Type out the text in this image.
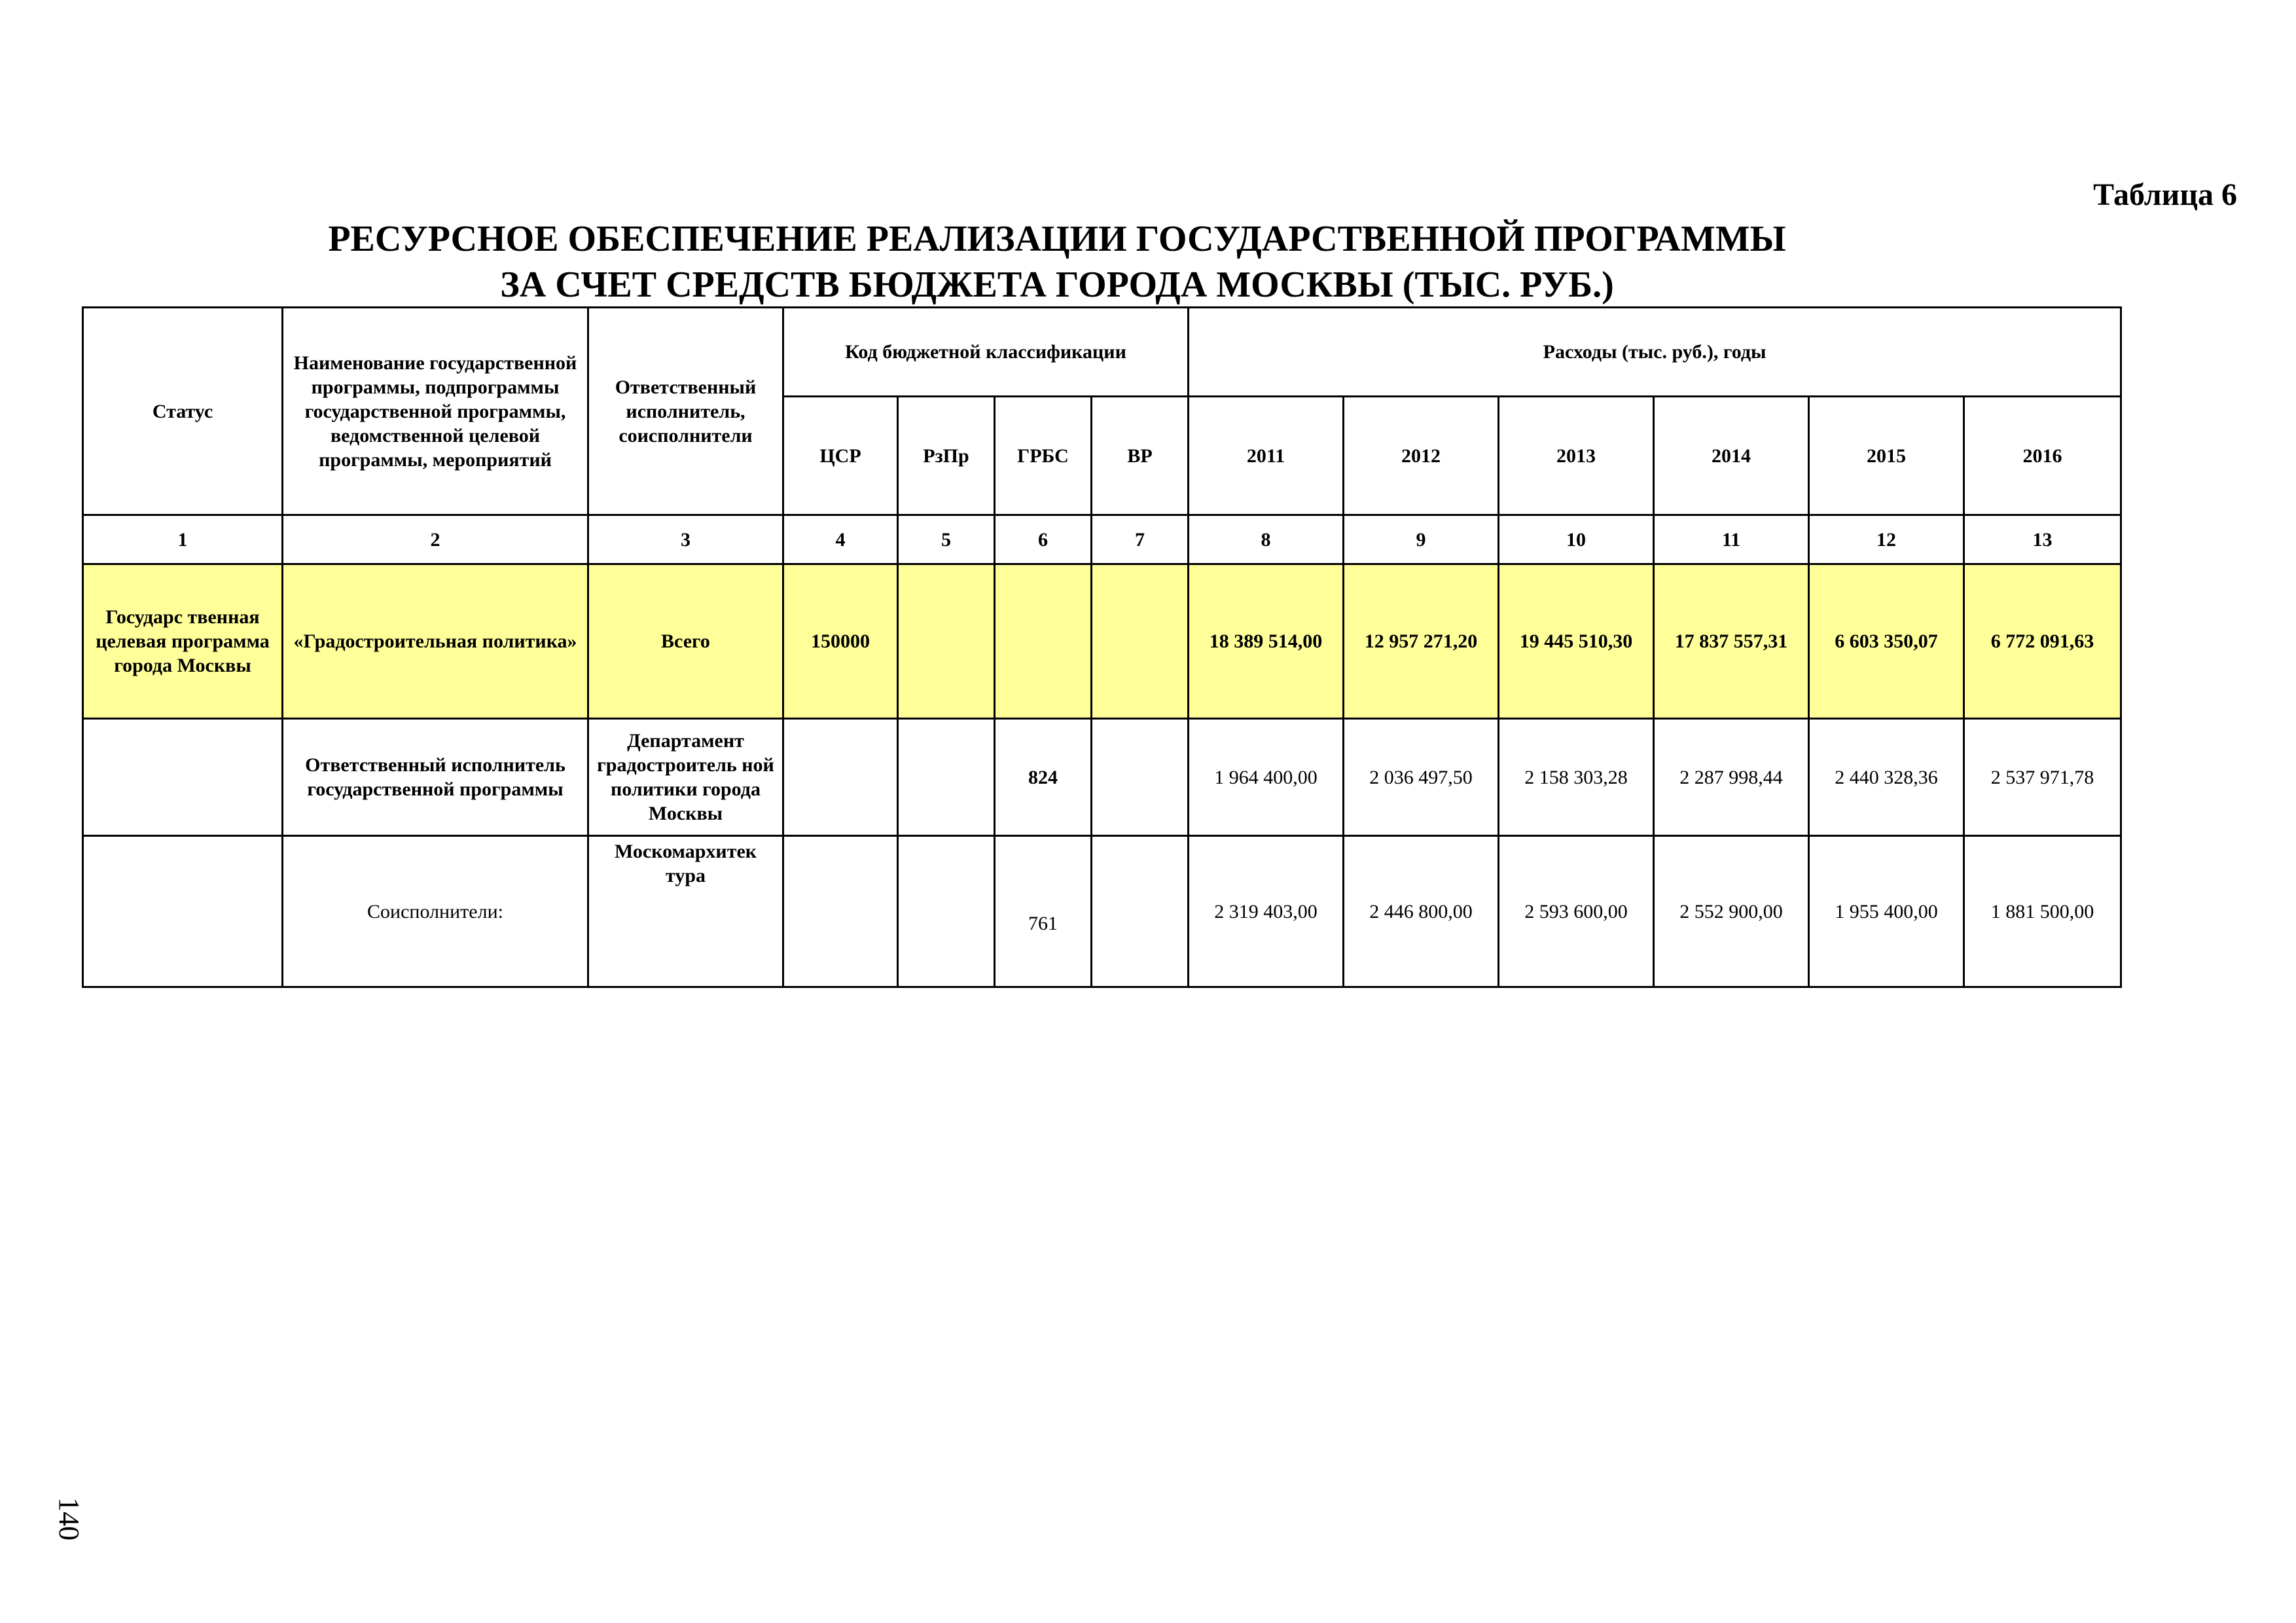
Таблица 6
РЕСУРСНОЕ ОБЕСПЕЧЕНИЕ РЕАЛИЗАЦИИ ГОСУДАРСТВЕННОЙ ПРОГРАММЫ
ЗА СЧЕТ СРЕДСТВ БЮДЖЕТА ГОРОДА МОСКВЫ (ТЫС. РУБ.)
Статус	Наименование государственной программы, подпрограммы государственной программы, ведомственной целевой программы, мероприятий	Ответственный исполнитель, соисполнители	Код бюджетной классификации				Расходы (тыс. руб.), годы					
			ЦСР	РзПр	ГРБС	ВР	2011	2012	2013	2014	2015	2016
1	2	3	4	5	6	7	8	9	10	11	12	13
Государс твенная целевая программа города Москвы	«Градостроительная политика»	Всего	150000				18 389 514,00	12 957 271,20	19 445 510,30	17 837 557,31	6 603 350,07	6 772 091,63
	Ответственный исполнитель государственной программы	Департамент градостроитель ной политики города Москвы			824		1 964 400,00	2 036 497,50	2 158 303,28	2 287 998,44	2 440 328,36	2 537 971,78
	Соисполнители:	Москомархитек тура			761		2 319 403,00	2 446 800,00	2 593 600,00	2 552 900,00	1 955 400,00	1 881 500,00
140
